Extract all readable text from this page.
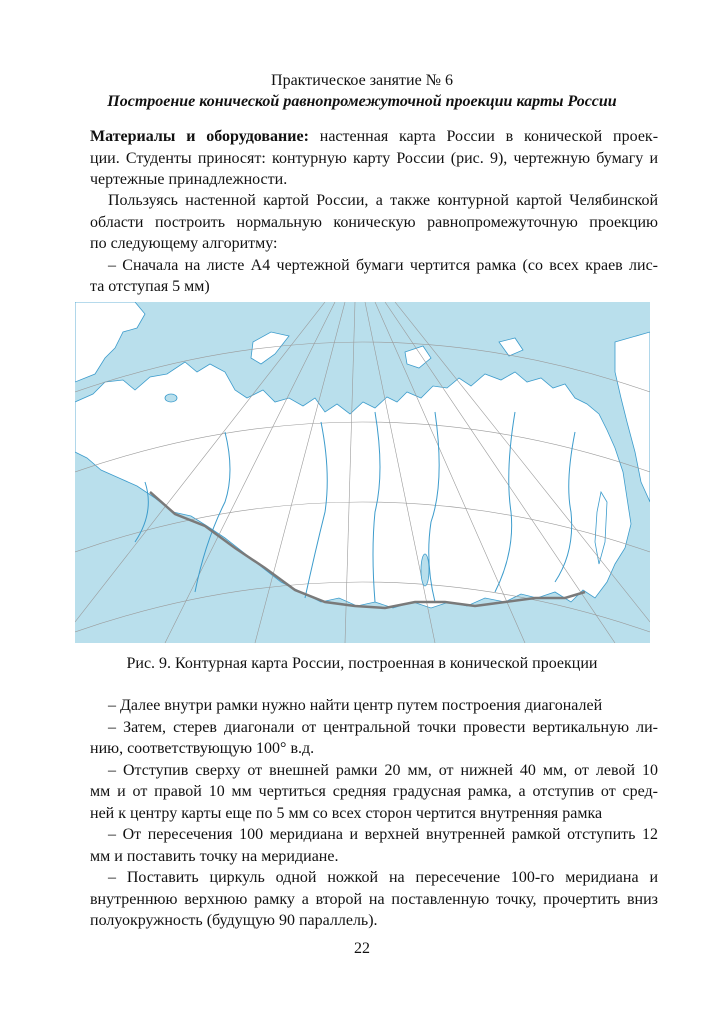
Практическое занятие № 6
Построение конической равнопромежуточной проекции карты России
Материалы и оборудование: настенная карта России в конической проек-
ции. Студенты приносят: контурную карту России (рис. 9), чертежную бумагу и
чертежные принадлежности.
Пользуясь настенной картой России, а также контурной картой Челябинской
области построить нормальную коническую равнопромежуточную проекцию
по следующему алгоритму:
– Сначала на листе А4 чертежной бумаги чертится рамка (со всех краев лис-
та отступая 5 мм)
Рис. 9. Контурная карта России, построенная в конической проекции
– Далее внутри рамки нужно найти центр путем построения диагоналей
– Затем, стерев диагонали от центральной точки провести вертикальную ли-
нию, соответствующую 100° в.д.
– Отступив сверху от внешней рамки 20 мм, от нижней 40 мм, от левой 10
мм и от правой 10 мм чертиться средняя градусная рамка, а отступив от сред-
ней к центру карты еще по 5 мм со всех сторон чертится внутренняя рамка
– От пересечения 100 меридиана и верхней внутренней рамкой отступить 12
мм и поставить точку на меридиане.
– Поставить циркуль одной ножкой на пересечение 100-го меридиана и
внутреннюю верхнюю рамку а второй на поставленную точку, прочертить вниз
полуокружность (будущую 90 параллель).
22
